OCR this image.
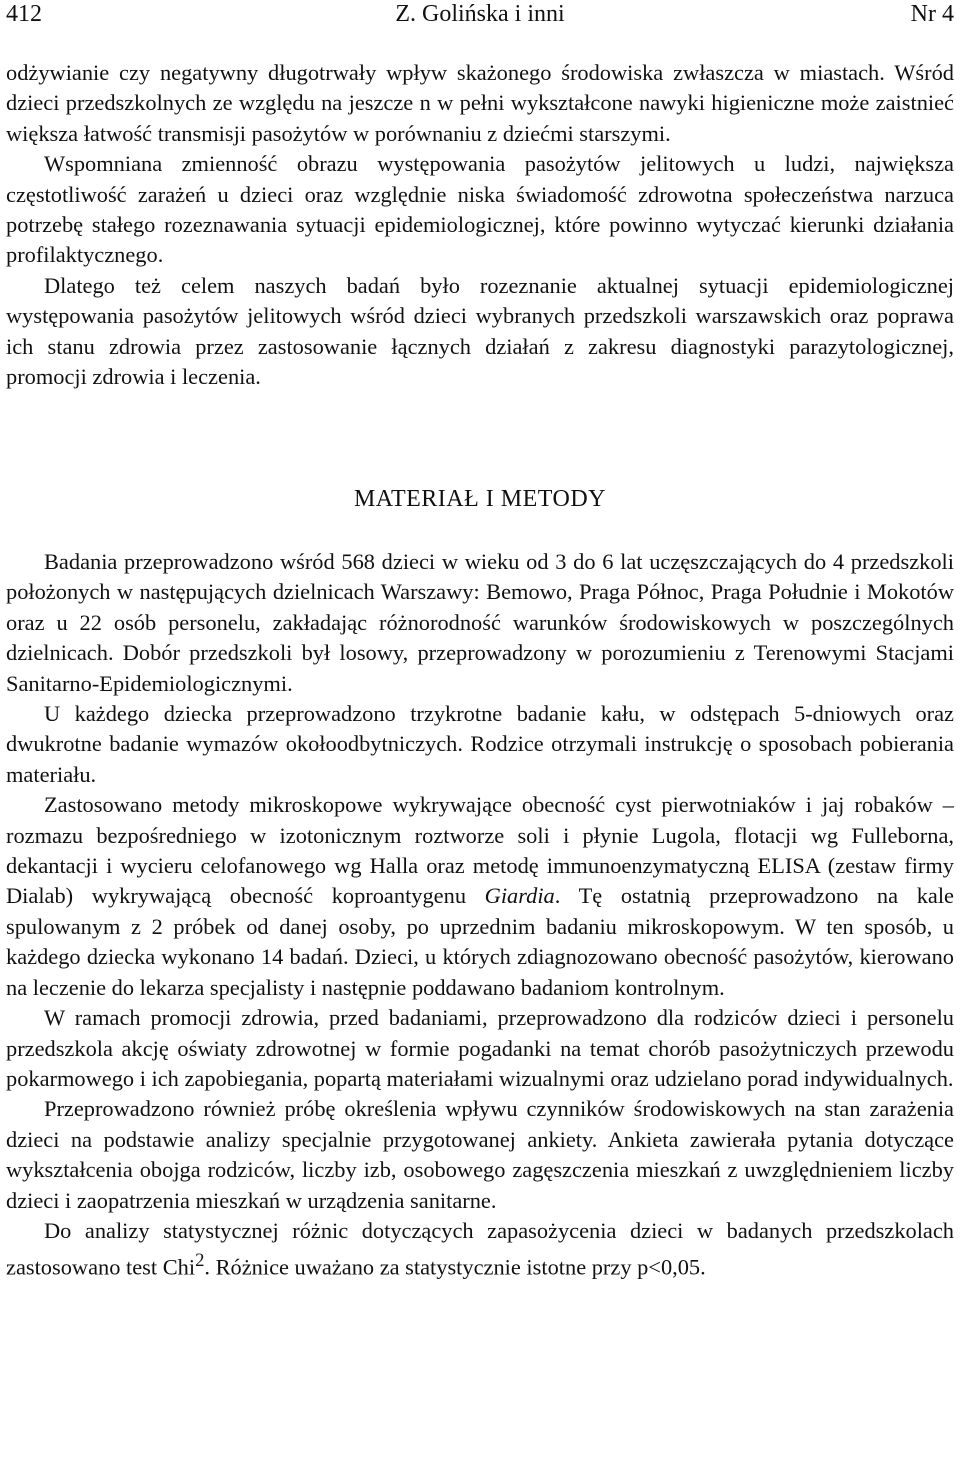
412	Z. Golińska i inni	Nr 4

odżywianie czy negatywny długotrwały wpływ skażonego środowiska zwłaszcza w miastach. Wśród dzieci przedszkolnych ze względu na jeszcze n w pełni wykształcone nawyki higieniczne może zaistnieć większa łatwość transmisji pasożytów w porównaniu z dziećmi starszymi.

Wspomniana zmienność obrazu występowania pasożytów jelitowych u ludzi, największa częstotliwość zarażeń u dzieci oraz względnie niska świadomość zdrowotna społeczeństwa narzuca potrzebę stałego rozeznawania sytuacji epidemiologicznej, które powinno wytyczać kierunki działania profilaktycznego.

Dlatego też celem naszych badań było rozeznanie aktualnej sytuacji epidemiologicznej występowania pasożytów jelitowych wśród dzieci wybranych przedszkoli warszawskich oraz poprawa ich stanu zdrowia przez zastosowanie łącznych działań z zakresu diagnostyki parazytologicznej, promocji zdrowia i leczenia.

MATERIAŁ I METODY

Badania przeprowadzono wśród 568 dzieci w wieku od 3 do 6 lat uczęszczających do 4 przedszkoli położonych w następujących dzielnicach Warszawy: Bemowo, Praga Północ, Praga Południe i Mokotów oraz u 22 osób personelu, zakładając różnorodność warunków środowiskowych w poszczególnych dzielnicach. Dobór przedszkoli był losowy, przeprowadzony w porozumieniu z Terenowymi Stacjami Sanitarno-Epidemiologicznymi.

U każdego dziecka przeprowadzono trzykrotne badanie kału, w odstępach 5-dniowych oraz dwukrotne badanie wymazów okołoodbytniczych. Rodzice otrzymali instrukcję o sposobach pobierania materiału.

Zastosowano metody mikroskopowe wykrywające obecność cyst pierwotniaków i jaj robaków – rozmazu bezpośredniego w izotonicznym roztworze soli i płynie Lugola, flotacji wg Fulleborna, dekantacji i wycieru celofanowego wg Halla oraz metodę immunoenzymatyczną ELISA (zestaw firmy Dialab) wykrywającą obecność koproantygenu Giardia. Tę ostatnią przeprowadzono na kale spulowanym z 2 próbek od danej osoby, po uprzednim badaniu mikroskopowym. W ten sposób, u każdego dziecka wykonano 14 badań. Dzieci, u których zdiagnozowano obecność pasożytów, kierowano na leczenie do lekarza specjalisty i następnie poddawano badaniom kontrolnym.

W ramach promocji zdrowia, przed badaniami, przeprowadzono dla rodziców dzieci i personelu przedszkola akcję oświaty zdrowotnej w formie pogadanki na temat chorób pasożytniczych przewodu pokarmowego i ich zapobiegania, popartą materiałami wizualnymi oraz udzielano porad indywidualnych.

Przeprowadzono również próbę określenia wpływu czynników środowiskowych na stan zarażenia dzieci na podstawie analizy specjalnie przygotowanej ankiety. Ankieta zawierała pytania dotyczące wykształcenia obojga rodziców, liczby izb, osobowego zagęszczenia mieszkań z uwzględnieniem liczby dzieci i zaopatrzenia mieszkań w urządzenia sanitarne.

Do analizy statystycznej różnic dotyczących zapasożycenia dzieci w badanych przedszkolach zastosowano test Chi$^2$. Różnice uważano za statystycznie istotne przy p<0,05.
